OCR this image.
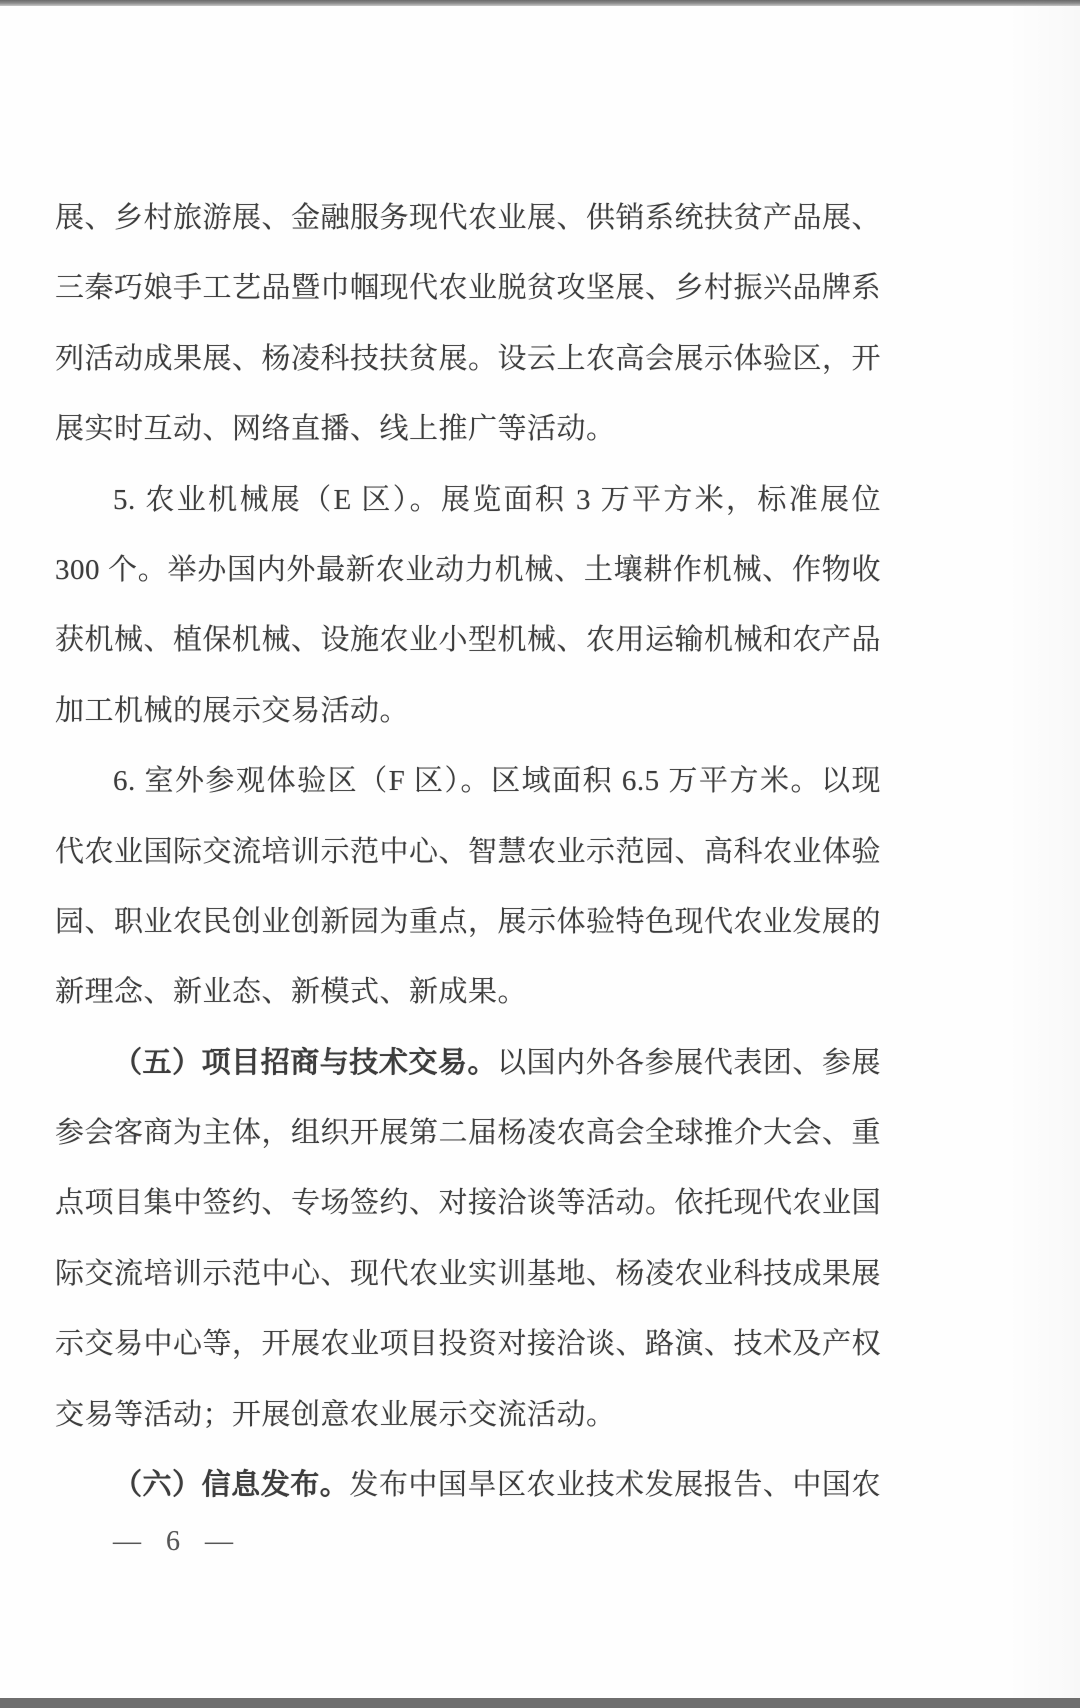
展、乡村旅游展、金融服务现代农业展、供销系统扶贫产品展、
三秦巧娘手工艺品暨巾帼现代农业脱贫攻坚展、乡村振兴品牌系
列活动成果展、杨凌科技扶贫展。设云上农高会展示体验区，开
展实时互动、网络直播、线上推广等活动。
5. 农业机械展（E 区）。展览面积 3 万平方米，标准展位
300 个。举办国内外最新农业动力机械、土壤耕作机械、作物收
获机械、植保机械、设施农业小型机械、农用运输机械和农产品
加工机械的展示交易活动。
6. 室外参观体验区（F 区）。区域面积 6.5 万平方米。以现
代农业国际交流培训示范中心、智慧农业示范园、高科农业体验
园、职业农民创业创新园为重点，展示体验特色现代农业发展的
新理念、新业态、新模式、新成果。
（五）项目招商与技术交易。以国内外各参展代表团、参展
参会客商为主体，组织开展第二届杨凌农高会全球推介大会、重
点项目集中签约、专场签约、对接洽谈等活动。依托现代农业国
际交流培训示范中心、现代农业实训基地、杨凌农业科技成果展
示交易中心等，开展农业项目投资对接洽谈、路演、技术及产权
交易等活动；开展创意农业展示交流活动。
（六）信息发布。发布中国旱区农业技术发展报告、中国农
— 6 —
